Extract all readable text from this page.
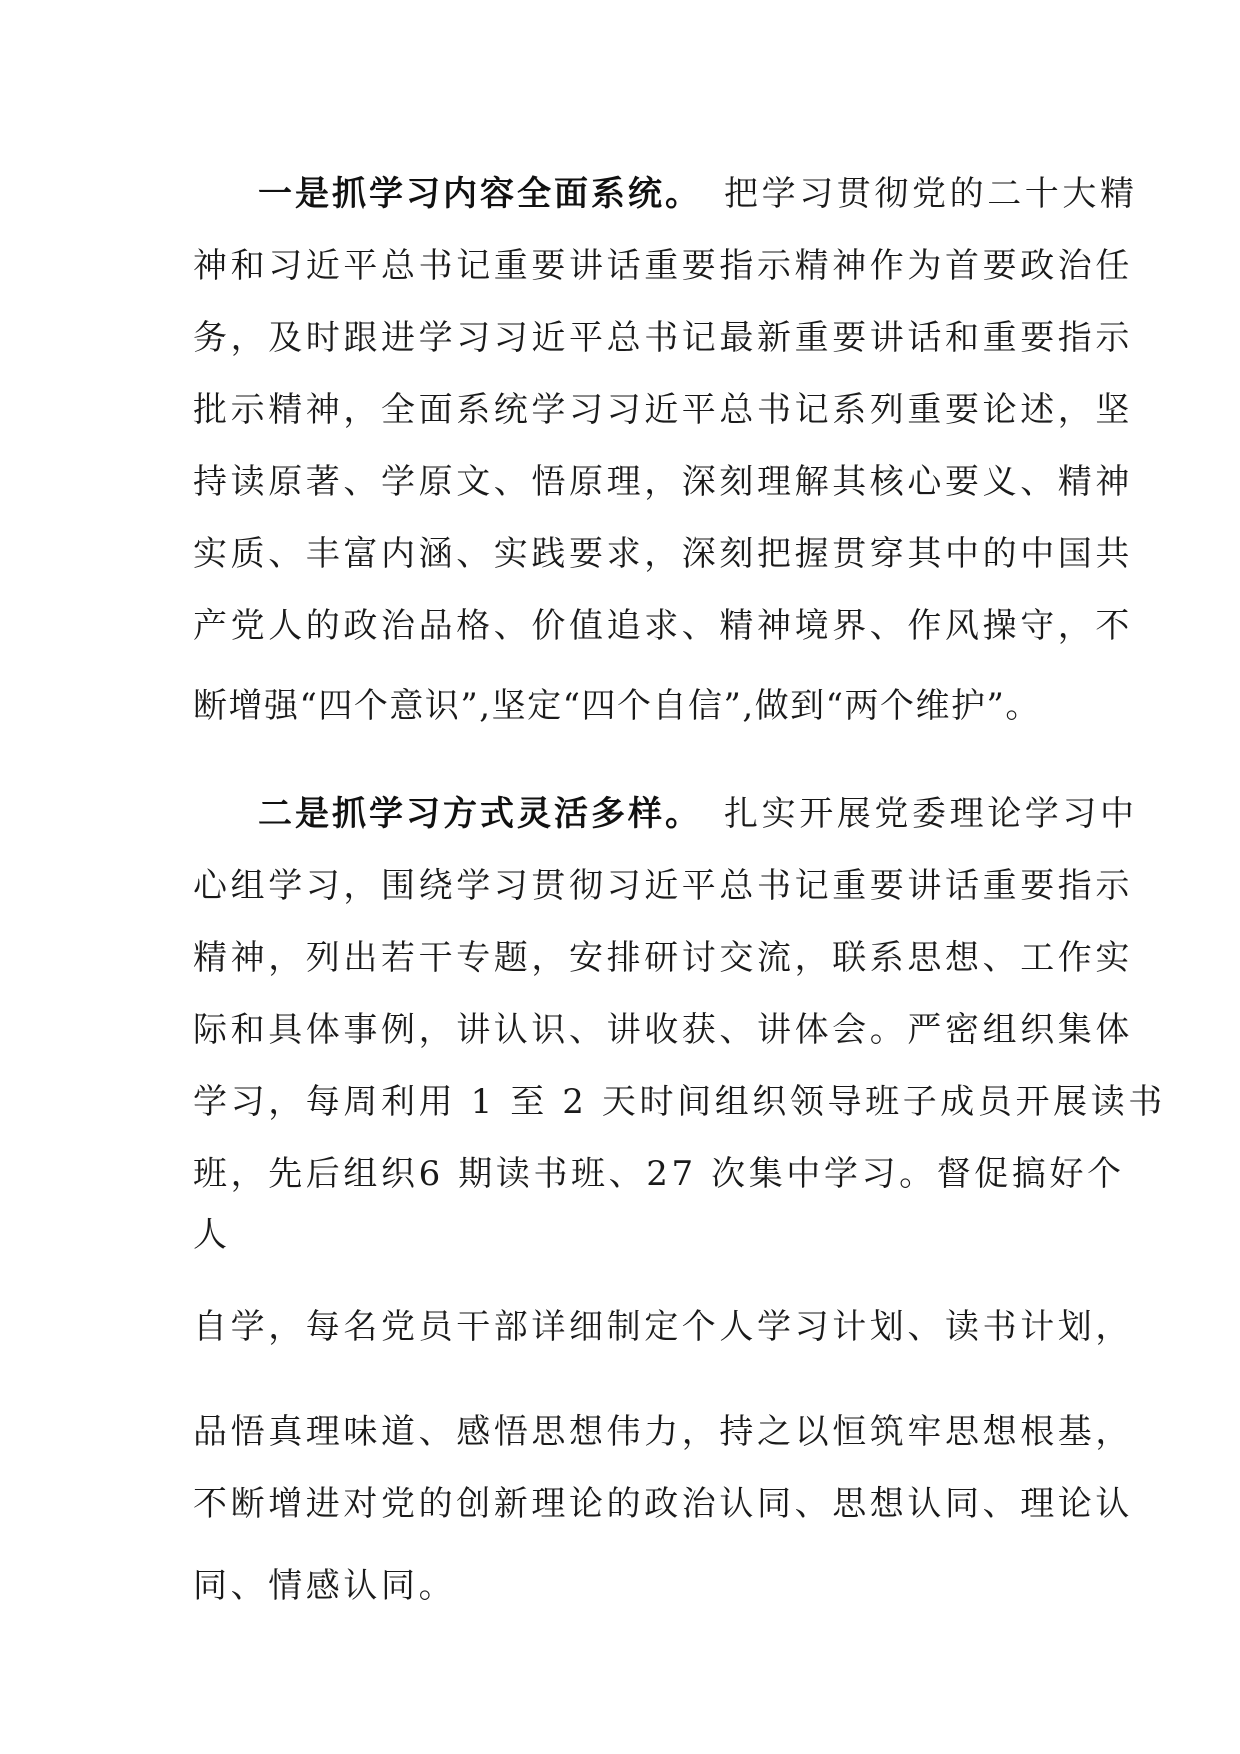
一是抓学习内容全面系统。 把学习贯彻党的二十大精

神和习近平总书记重要讲话重要指示精神作为首要政治任

务，及时跟进学习习近平总书记最新重要讲话和重要指示

批示精神，全面系统学习习近平总书记系列重要论述，坚

持读原著、学原文、悟原理，深刻理解其核心要义、精神

实质、丰富内涵、实践要求，深刻把握贯穿其中的中国共

产党人的政治品格、价值追求、精神境界、作风操守，不

断增强“四个意识”,坚定“四个自信”,做到“两个维护”。

二是抓学习方式灵活多样。 扎实开展党委理论学习中

心组学习，围绕学习贯彻习近平总书记重要讲话重要指示

精神，列出若干专题，安排研讨交流，联系思想、工作实

际和具体事例，讲认识、讲收获、讲体会。严密组织集体

学习，每周利用 1 至 2 天时间组织领导班子成员开展读书

班，先后组织6 期读书班、27 次集中学习。督促搞好个

人

自学，每名党员干部详细制定个人学习计划、读书计划，

品悟真理味道、感悟思想伟力，持之以恒筑牢思想根基，

不断增进对党的创新理论的政治认同、思想认同、理论认

同、情感认同。
